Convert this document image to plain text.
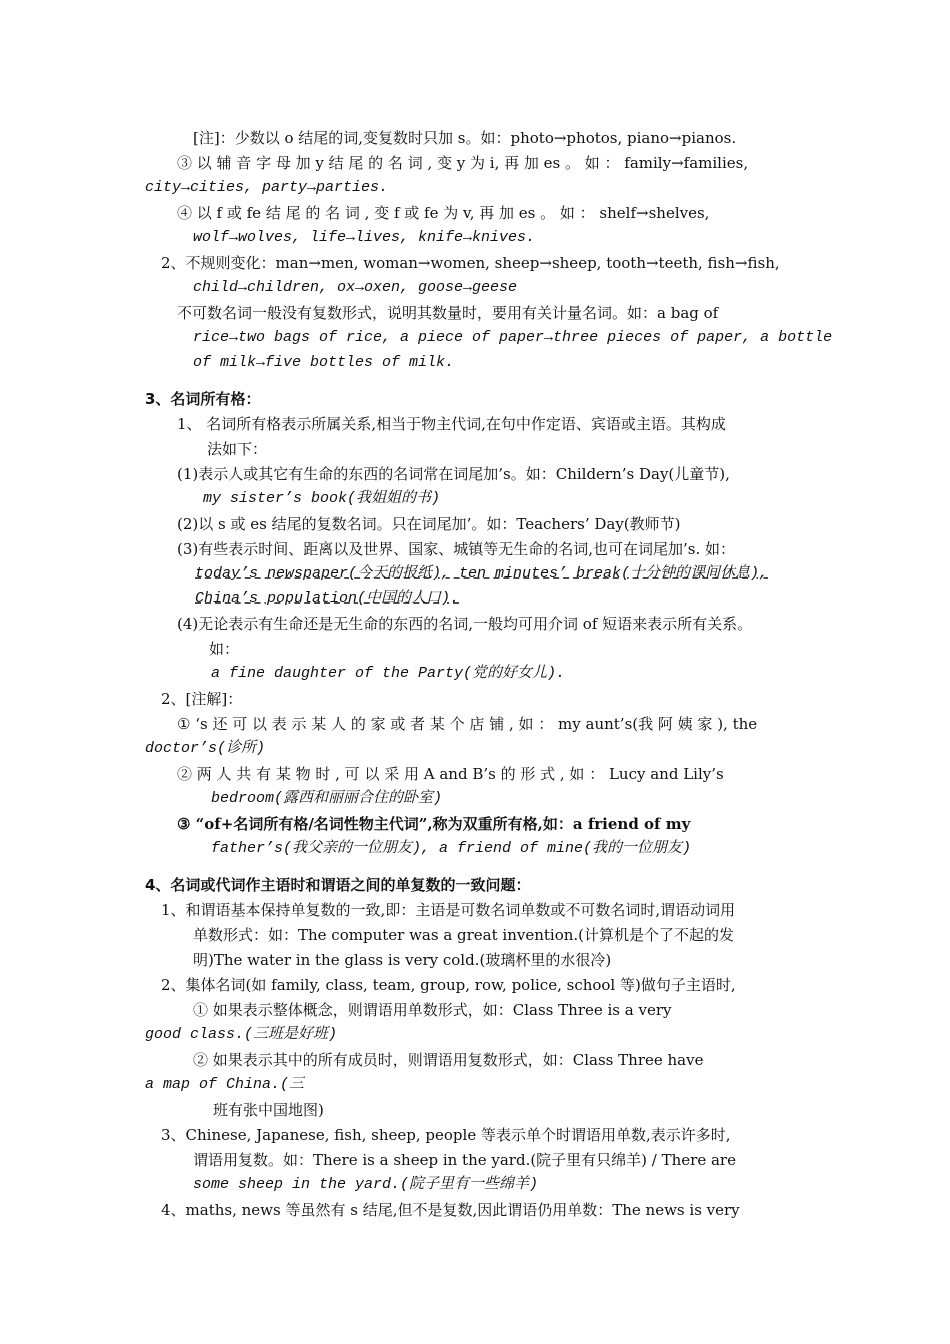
[注]：少数以 o 结尾的词,变复数时只加 s。如：photo→photos, piano→pianos.
③ 以 辅 音 字 母 加 y 结 尾 的 名 词 , 变 y 为 i, 再 加 es 。 如 ： family→families,
city→cities, party→parties.
④ 以 f 或 fe 结 尾 的 名 词 , 变 f 或 fe 为 v, 再 加 es 。 如 ： shelf→shelves,
wolf→wolves, life→lives, knife→knives.
2、不规则变化：man→men, woman→women, sheep→sheep, tooth→teeth, fish→fish,
child→children, ox→oxen, goose→geese
不可数名词一般没有复数形式，说明其数量时，要用有关计量名词。如：a bag of
rice→two bags of rice, a piece of paper→three pieces of paper, a bottle
of milk→five bottles of milk.
3、名词所有格：
1、 名词所有格表示所属关系,相当于物主代词,在句中作定语、宾语或主语。其构成
法如下：
(1)表示人或其它有生命的东西的名词常在词尾加’s。如：Childern’s Day(儿童节),
my sister’s book(我姐姐的书)
(2)以 s 或 es 结尾的复数名词。只在词尾加’。如：Teachers’ Day(教师节)
(3)有些表示时间、距离以及世界、国家、城镇等无生命的名词,也可在词尾加’s. 如：
today’s newspaper(今天的报纸), ten minutes’ break(十分钟的课间休息),
China’s population(中国的人口).
(4)无论表示有生命还是无生命的东西的名词,一般均可用介词 of 短语来表示所有关系。
如：
a fine daughter of the Party(党的好女儿).
2、[注解]：
① ‘s 还 可 以 表 示 某 人 的 家 或 者 某 个 店 铺 , 如 ： my aunt’s(我 阿 姨 家 ), the
doctor’s(诊所)
② 两 人 共 有 某 物 时 , 可 以 采 用 A and B’s 的 形 式 , 如 ： Lucy and Lily’s
bedroom(露西和丽丽合住的卧室)
③ “of+名词所有格/名词性物主代词”,称为双重所有格,如：a friend of my
father’s(我父亲的一位朋友), a friend of mine(我的一位朋友)
4、名词或代词作主语时和谓语之间的单复数的一致问题：
1、和谓语基本保持单复数的一致,即：主语是可数名词单数或不可数名词时,谓语动词用
单数形式：如：The computer was a great invention.(计算机是个了不起的发
明)The water in the glass is very cold.(玻璃杯里的水很冷)
2、集体名词(如 family, class, team, group, row, police, school 等)做句子主语时,
① 如果表示整体概念，则谓语用单数形式，如：Class Three is a very
good class.(三班是好班)
② 如果表示其中的所有成员时，则谓语用复数形式，如：Class Three have
a map of China.(三
班有张中国地图)
3、Chinese, Japanese, fish, sheep, people 等表示单个时谓语用单数,表示许多时,
谓语用复数。如：There is a sheep in the yard.(院子里有只绵羊) / There are
some sheep in the yard.(院子里有一些绵羊)
4、maths, news 等虽然有 s 结尾,但不是复数,因此谓语仍用单数：The news is very
